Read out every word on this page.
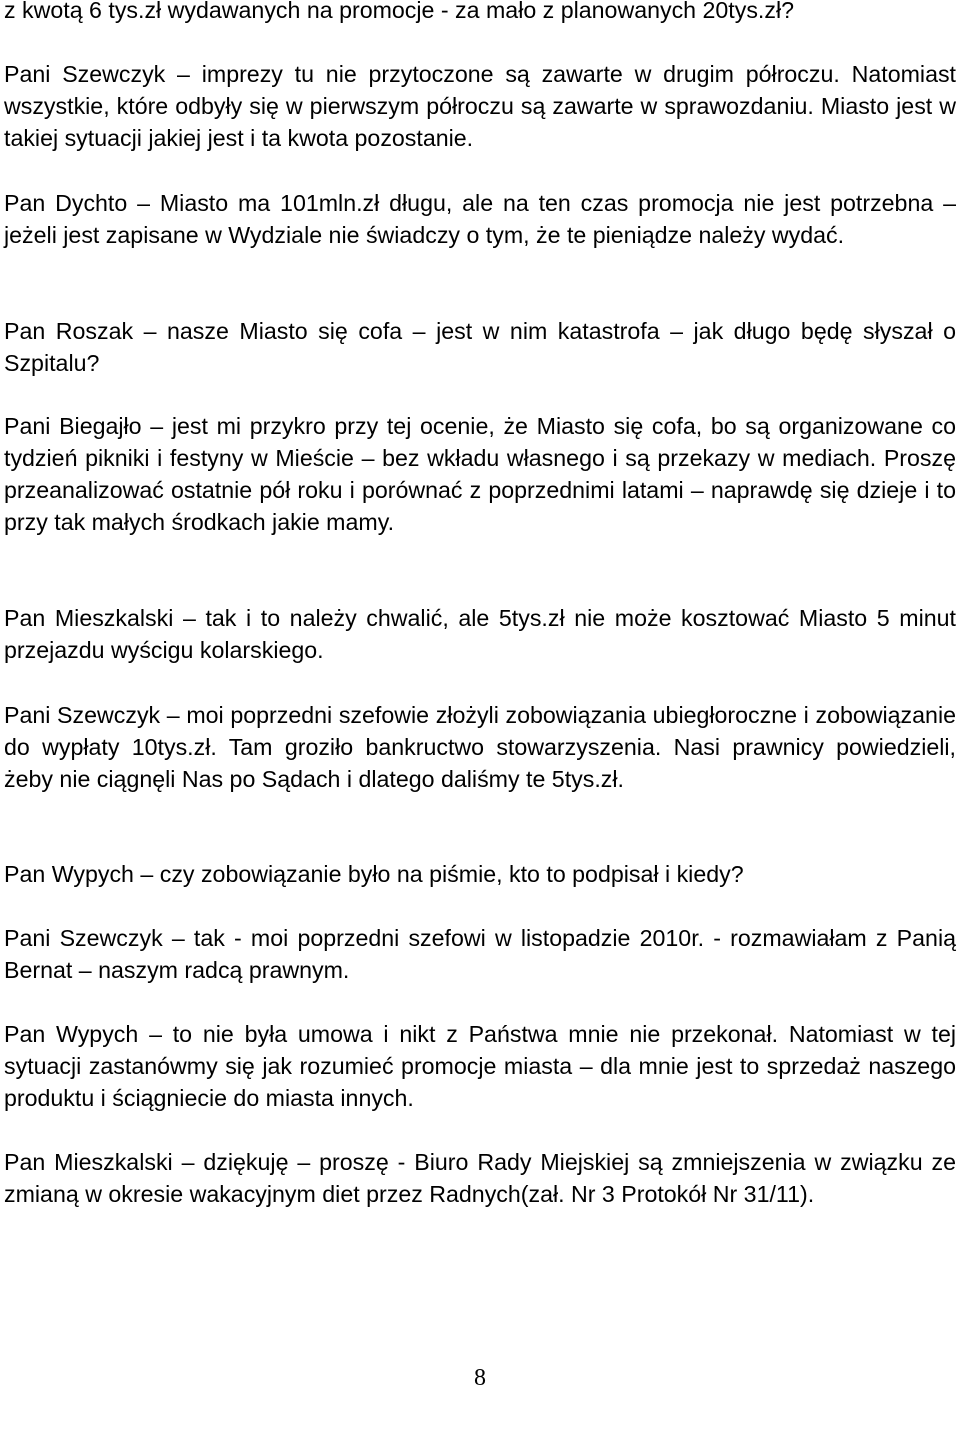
z kwotą 6 tys.zł wydawanych na promocje - za mało z planowanych 20tys.zł?

Pani Szewczyk – imprezy tu nie przytoczone są zawarte w drugim półroczu. Natomiast wszystkie, które odbyły się w pierwszym półroczu są zawarte w sprawozdaniu. Miasto jest w takiej sytuacji jakiej jest i ta kwota pozostanie.

Pan Dychto – Miasto ma 101mln.zł długu, ale na ten czas promocja nie jest potrzebna – jeżeli jest zapisane w Wydziale nie świadczy o tym, że te pieniądze należy wydać.

Pan Roszak – nasze Miasto się cofa – jest w nim katastrofa – jak długo będę słyszał o Szpitalu?

Pani Biegajło – jest mi przykro przy tej ocenie, że Miasto się cofa, bo są organizowane co tydzień pikniki i festyny w Mieście – bez wkładu własnego i są przekazy w mediach. Proszę przeanalizować ostatnie pół roku i porównać z poprzednimi latami – naprawdę się dzieje i to przy tak małych środkach jakie mamy.

Pan Mieszkalski – tak i to należy chwalić, ale 5tys.zł nie może kosztować Miasto 5 minut przejazdu wyścigu kolarskiego.

Pani Szewczyk – moi poprzedni szefowie złożyli zobowiązania ubiegłoroczne i zobowiązanie do wypłaty 10tys.zł. Tam groziło bankructwo stowarzyszenia. Nasi prawnicy powiedzieli, żeby nie ciągnęli Nas po Sądach i dlatego daliśmy te 5tys.zł.

Pan Wypych – czy zobowiązanie było na piśmie, kto to podpisał i kiedy?

Pani Szewczyk – tak - moi poprzedni szefowi w listopadzie 2010r. - rozmawiałam z Panią Bernat – naszym radcą prawnym.

Pan Wypych – to nie była umowa i nikt z Państwa mnie nie przekonał. Natomiast w tej sytuacji zastanówmy się jak rozumieć promocje miasta – dla mnie jest to sprzedaż naszego produktu i ściągniecie do miasta innych.

Pan Mieszkalski – dziękuję – proszę - Biuro Rady Miejskiej są zmniejszenia w związku ze zmianą w okresie wakacyjnym diet przez Radnych(zał. Nr 3 Protokół Nr 31/11).

8
